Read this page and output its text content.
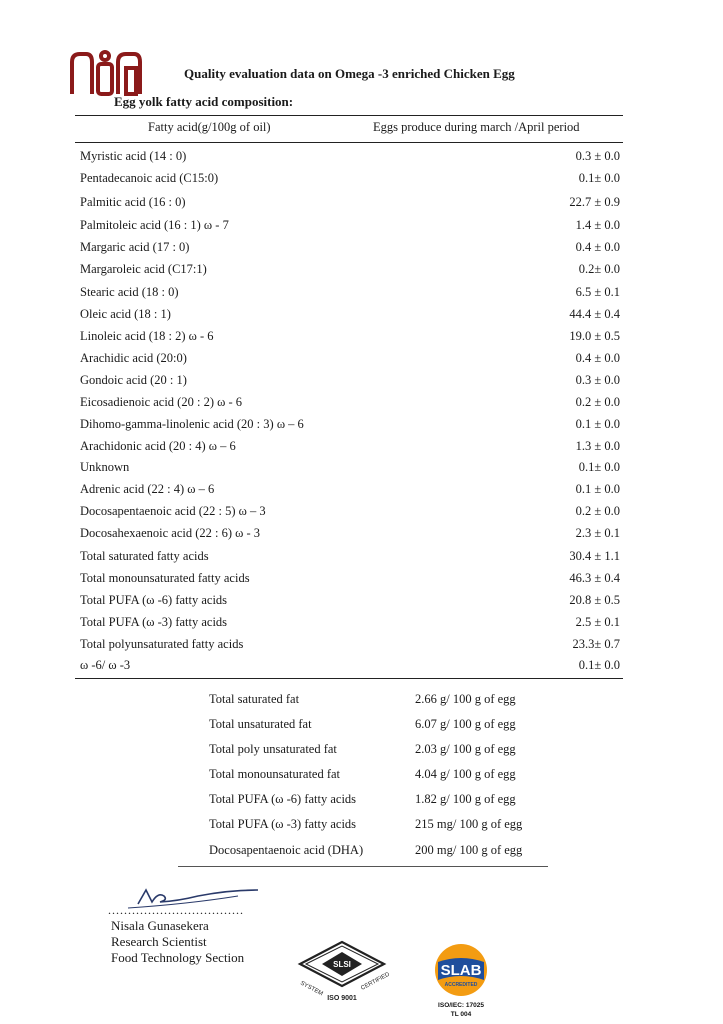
Quality evaluation data on Omega -3 enriched Chicken Egg
Egg yolk fatty acid composition:
Fatty acid(g/100g of oil)	Eggs produce during march /April period
Myristic acid (14 : 0)	0.3 ± 0.0
Pentadecanoic acid (C15:0)	0.1± 0.0
Palmitic acid (16 : 0)	22.7 ± 0.9
Palmitoleic acid (16 : 1) ω - 7	1.4 ± 0.0
Margaric acid (17 : 0)	0.4 ± 0.0
Margaroleic acid (C17:1)	0.2± 0.0
Stearic acid (18 : 0)	6.5 ± 0.1
Oleic acid (18 : 1)	44.4 ± 0.4
Linoleic acid (18 : 2) ω - 6	19.0 ± 0.5
Arachidic acid (20:0)	0.4 ± 0.0
Gondoic acid (20 : 1)	0.3 ± 0.0
Eicosadienoic acid (20 : 2) ω - 6	0.2 ± 0.0
Dihomo-gamma-linolenic acid (20 : 3) ω – 6	0.1 ± 0.0
Arachidonic acid (20 : 4) ω – 6	1.3 ± 0.0
Unknown	0.1± 0.0
Adrenic acid (22 : 4) ω – 6	0.1 ± 0.0
Docosapentaenoic acid (22 : 5) ω – 3	0.2 ± 0.0
Docosahexaenoic acid (22 : 6) ω - 3	2.3 ± 0.1
Total saturated fatty acids	30.4 ± 1.1
Total monounsaturated fatty acids	46.3 ± 0.4
Total PUFA (ω -6) fatty acids	20.8 ± 0.5
Total PUFA (ω -3) fatty acids	2.5 ± 0.1
Total polyunsaturated fatty acids	23.3± 0.7
ω -6/ ω -3	0.1± 0.0
Total saturated fat	2.66 g/ 100 g of egg
Total unsaturated fat	6.07 g/ 100 g of egg
Total poly unsaturated fat	2.03 g/ 100 g of egg
Total monounsaturated fat	4.04 g/ 100 g of egg
Total PUFA (ω -6) fatty acids	1.82 g/ 100 g of egg
Total PUFA (ω -3) fatty acids	215 mg/ 100 g of egg
Docosapentaenoic acid (DHA)	200 mg/ 100 g of egg
..................................
Nisala Gunasekera
Research Scientist
Food Technology Section	SLSI
SYSTEM	CERTIFIED
ISO 9001
SLAB
ACCREDITED
ISO/IEC: 17025
TL 004
